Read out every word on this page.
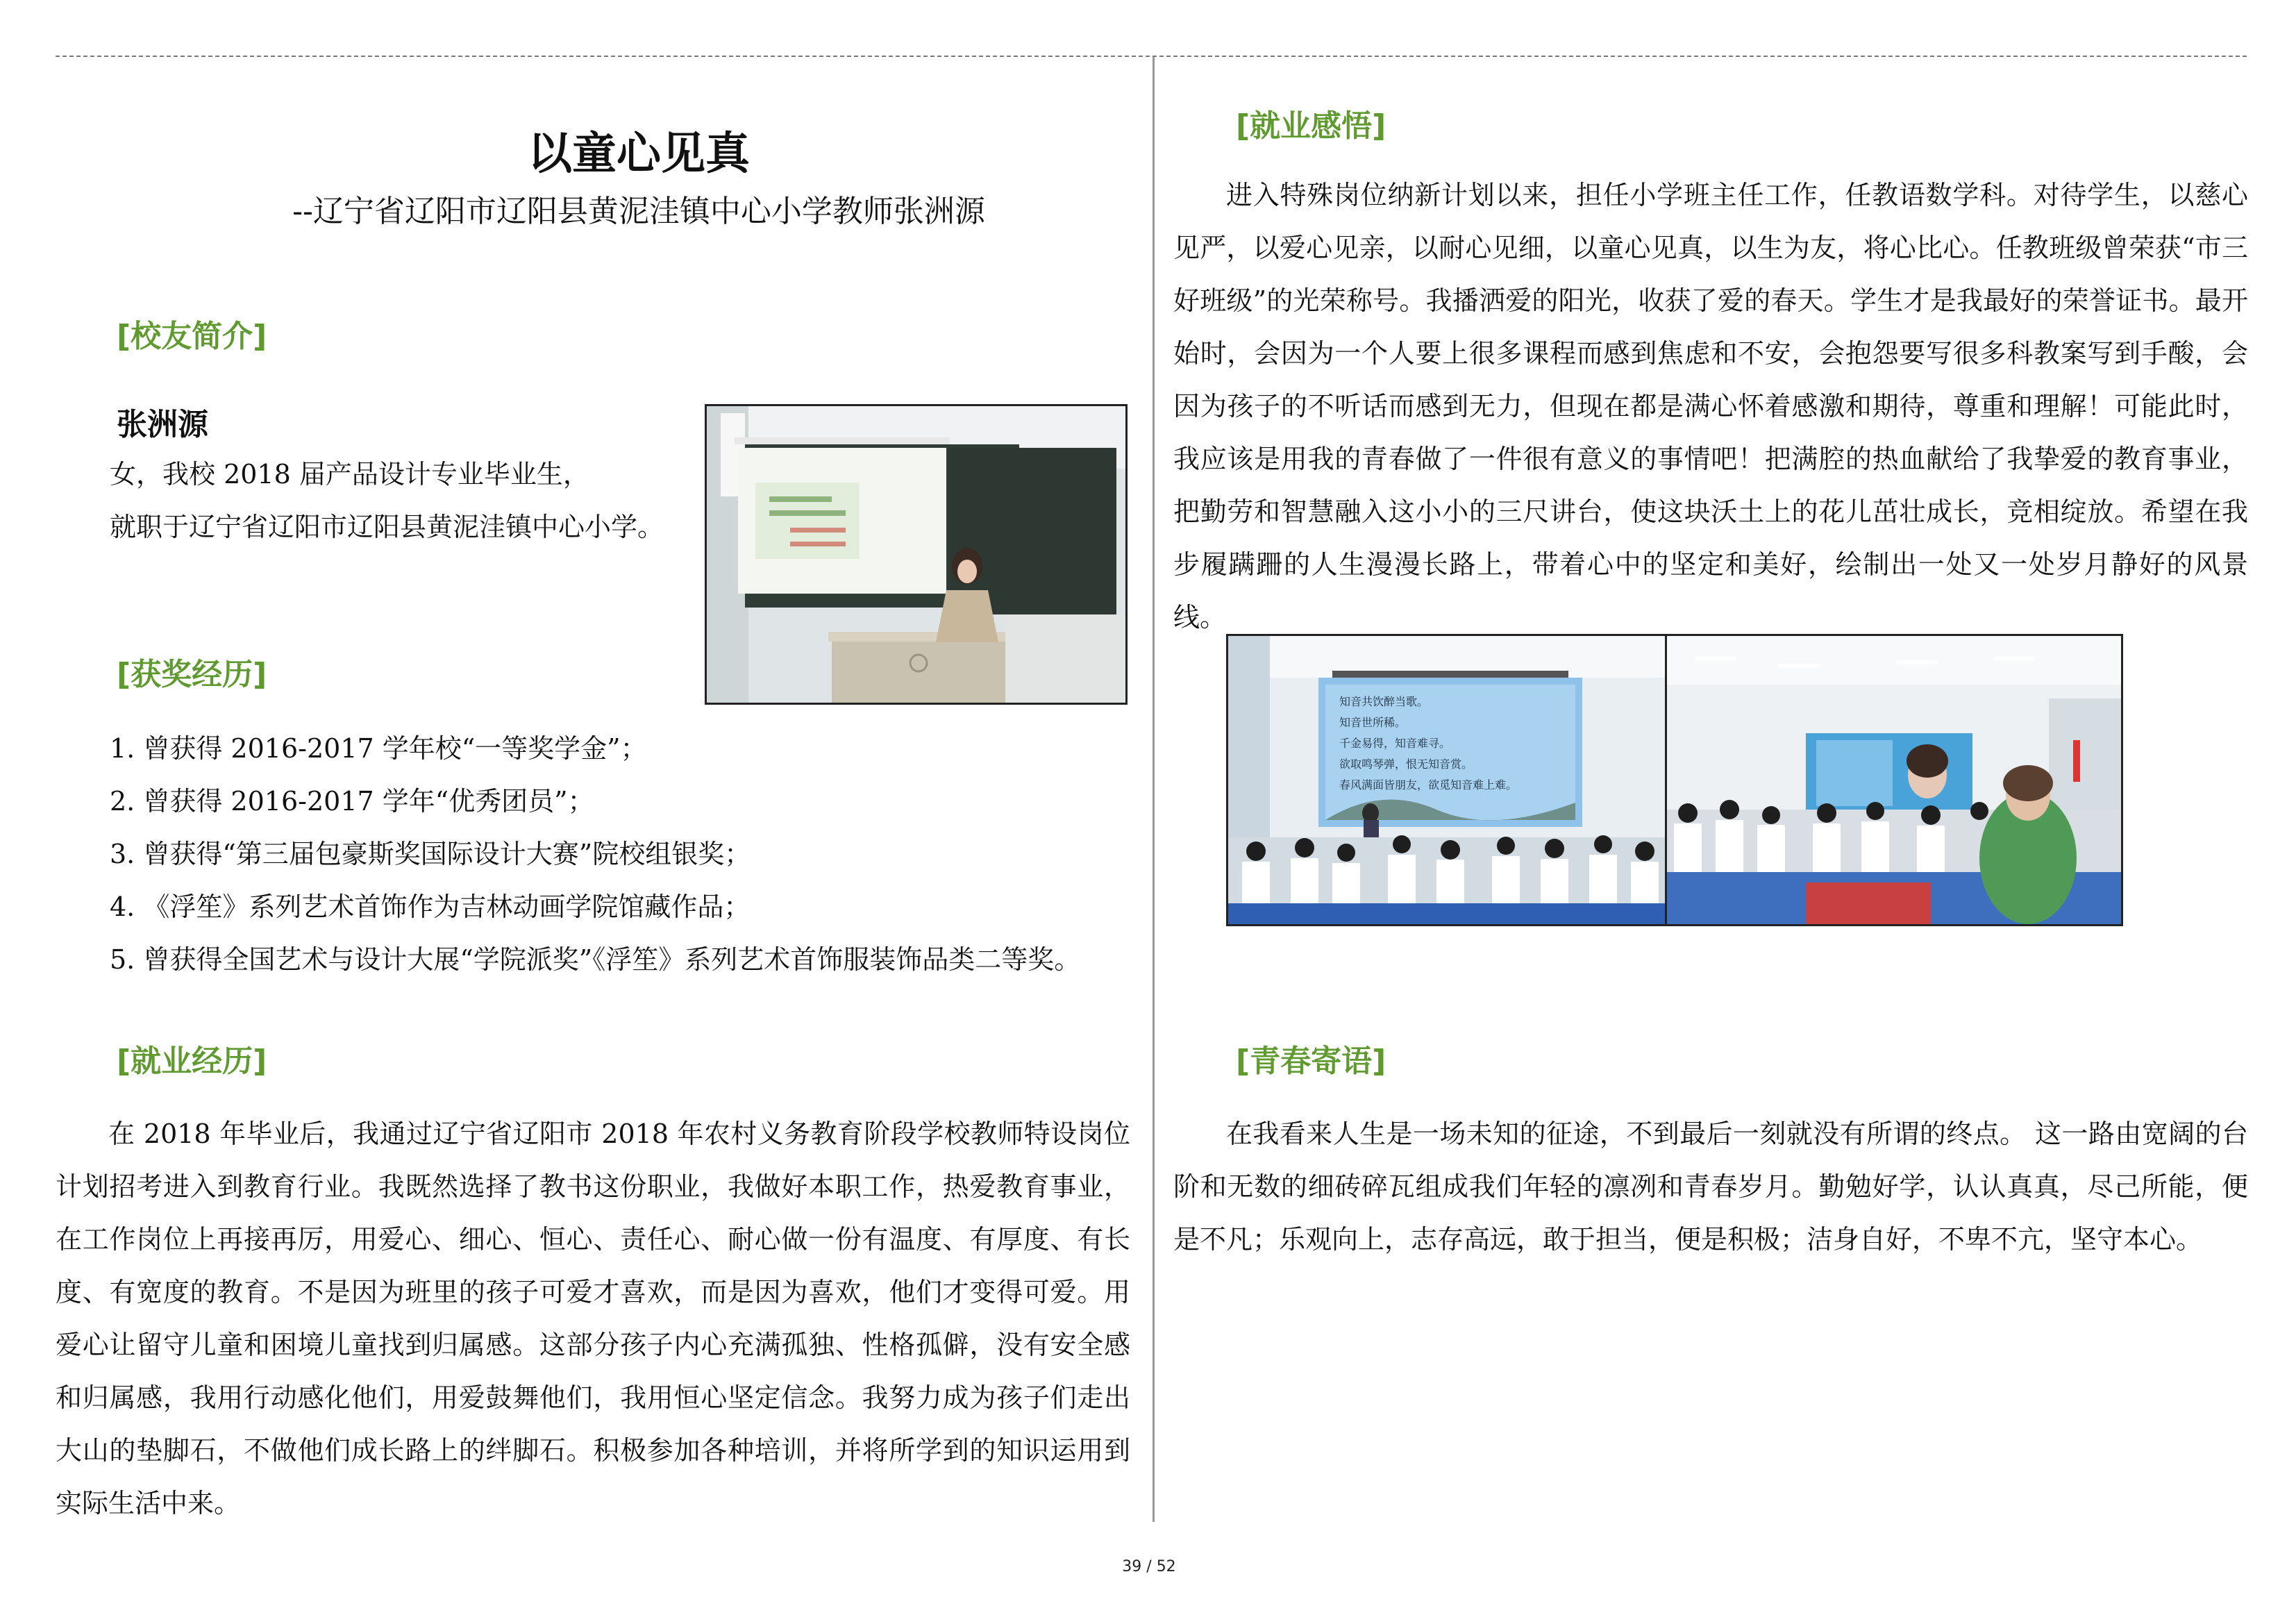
以童心见真
--辽宁省辽阳市辽阳县黄泥洼镇中心小学教师张洲源
[校友简介]
张洲源
女，我校 2018 届产品设计专业毕业生，
就职于辽宁省辽阳市辽阳县黄泥洼镇中心小学。
[获奖经历]
1. 曾获得 2016-2017 学年校“一等奖学金”；
2. 曾获得 2016-2017 学年“优秀团员”；
3. 曾获得“第三届包豪斯奖国际设计大赛”院校组银奖；
4. 《浮笙》系列艺术首饰作为吉林动画学院馆藏作品；
5. 曾获得全国艺术与设计大展“学院派奖”《浮笙》系列艺术首饰服装饰品类二等奖。
[就业经历]

在 2018 年毕业后，我通过辽宁省辽阳市 2018 年农村义务教育阶段学校教师特设岗位计划招考进入到教育行业。我既然选择了教书这份职业，我做好本职工作，热爱教育事业，在工作岗位上再接再厉，用爱心、细心、恒心、责任心、耐心做一份有温度、有厚度、有长度、有宽度的教育。不是因为班里的孩子可爱才喜欢，而是因为喜欢，他们才变得可爱。用爱心让留守儿童和困境儿童找到归属感。这部分孩子内心充满孤独、性格孤僻，没有安全感和归属感，我用行动感化他们，用爱鼓舞他们，我用恒心坚定信念。我努力成为孩子们走出大山的垫脚石，不做他们成长路上的绊脚石。积极参加各种培训，并将所学到的知识运用到实际生活中来。

[就业感悟]

进入特殊岗位纳新计划以来，担任小学班主任工作，任教语数学科。对待学生，以慈心见严，以爱心见亲，以耐心见细，以童心见真，以生为友，将心比心。任教班级曾荣获“市三好班级”的光荣称号。我播洒爱的阳光，收获了爱的春天。学生才是我最好的荣誉证书。最开始时，会因为一个人要上很多课程而感到焦虑和不安，会抱怨要写很多科教案写到手酸，会因为孩子的不听话而感到无力，但现在都是满心怀着感激和期待，尊重和理解！可能此时，我应该是用我的青春做了一件很有意义的事情吧！把满腔的热血献给了我挚爱的教育事业，把勤劳和智慧融入这小小的三尺讲台，使这块沃土上的花儿茁壮成长，竞相绽放。希望在我步履蹒跚的人生漫漫长路上，带着心中的坚定和美好，绘制出一处又一处岁月静好的风景线。

知音共饮醉当歌。
知音世所稀。
千金易得，知音难寻。
欲取鸣琴弹，恨无知音赏。
春风满面皆朋友，欲觅知音难上难。
[青春寄语]

在我看来人生是一场未知的征途，不到最后一刻就没有所谓的终点。 这一路由宽阔的台阶和无数的细砖碎瓦组成我们年轻的凛冽和青春岁月。勤勉好学，认认真真，尽己所能，便是不凡；乐观向上，志存高远，敢于担当，便是积极；洁身自好，不卑不亢，坚守本心。

39 / 52
